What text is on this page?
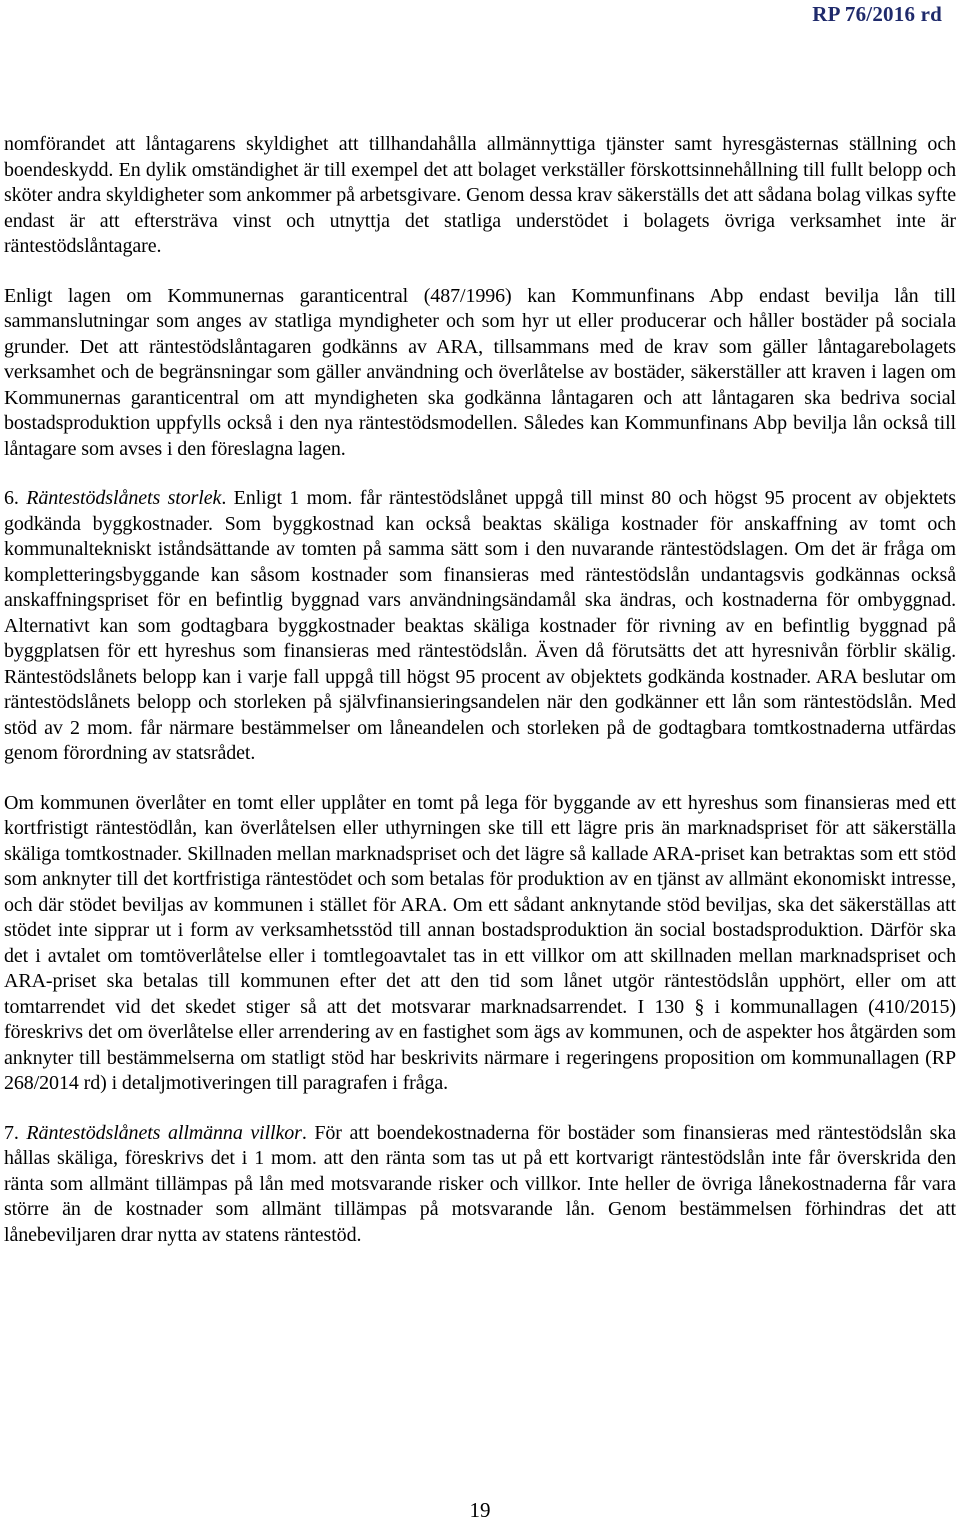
RP 76/2016 rd

nomförandet att låntagarens skyldighet att tillhandahålla allmännyttiga tjänster samt hyresgästernas ställning och boendeskydd. En dylik omständighet är till exempel det att bolaget verkställer förskottsinnehållning till fullt belopp och sköter andra skyldigheter som ankommer på arbetsgivare. Genom dessa krav säkerställs det att sådana bolag vilkas syfte endast är att eftersträva vinst och utnyttja det statliga understödet i bolagets övriga verksamhet inte är räntestödslåntagare.

Enligt lagen om Kommunernas garanticentral (487/1996) kan Kommunfinans Abp endast bevilja lån till sammanslutningar som anges av statliga myndigheter och som hyr ut eller producerar och håller bostäder på sociala grunder. Det att räntestödslåntagaren godkänns av ARA, tillsammans med de krav som gäller låntagarebolagets verksamhet och de begränsningar som gäller användning och överlåtelse av bostäder, säkerställer att kraven i lagen om Kommunernas garanticentral om att myndigheten ska godkänna låntagaren och att låntagaren ska bedriva social bostadsproduktion uppfylls också i den nya räntestödsmodellen. Således kan Kommunfinans Abp bevilja lån också till låntagare som avses i den föreslagna lagen.

6. Räntestödslånets storlek. Enligt 1 mom. får räntestödslånet uppgå till minst 80 och högst 95 procent av objektets godkända byggkostnader. Som byggkostnad kan också beaktas skäliga kostnader för anskaffning av tomt och kommunaltekniskt iståndsättande av tomten på samma sätt som i den nuvarande räntestödslagen. Om det är fråga om kompletteringsbyggande kan såsom kostnader som finansieras med räntestödslån undantagsvis godkännas också anskaffningspriset för en befintlig byggnad vars användningsändamål ska ändras, och kostnaderna för ombyggnad. Alternativt kan som godtagbara byggkostnader beaktas skäliga kostnader för rivning av en befintlig byggnad på byggplatsen för ett hyreshus som finansieras med räntestödslån. Även då förutsätts det att hyresnivån förblir skälig. Räntestödslånets belopp kan i varje fall uppgå till högst 95 procent av objektets godkända kostnader. ARA beslutar om räntestödslånets belopp och storleken på självfinansieringsandelen när den godkänner ett lån som räntestödslån. Med stöd av 2 mom. får närmare bestämmelser om låneandelen och storleken på de godtagbara tomtkostnaderna utfärdas genom förordning av statsrådet.

Om kommunen överlåter en tomt eller upplåter en tomt på lega för byggande av ett hyreshus som finansieras med ett kortfristigt räntestödlån, kan överlåtelsen eller uthyrningen ske till ett lägre pris än marknadspriset för att säkerställa skäliga tomtkostnader. Skillnaden mellan marknadspriset och det lägre så kallade ARA-priset kan betraktas som ett stöd som anknyter till det kortfristiga räntestödet och som betalas för produktion av en tjänst av allmänt ekonomiskt intresse, och där stödet beviljas av kommunen i stället för ARA. Om ett sådant anknytande stöd beviljas, ska det säkerställas att stödet inte sipprar ut i form av verksamhetsstöd till annan bostadsproduktion än social bostadsproduktion. Därför ska det i avtalet om tomtöverlåtelse eller i tomtlegoavtalet tas in ett villkor om att skillnaden mellan marknadspriset och ARA-priset ska betalas till kommunen efter det att den tid som lånet utgör räntestödslån upphört, eller om att tomtarrendet vid det skedet stiger så att det motsvarar marknadsarrendet. I 130 § i kommunallagen (410/2015) föreskrivs det om överlåtelse eller arrendering av en fastighet som ägs av kommunen, och de aspekter hos åtgärden som anknyter till bestämmelserna om statligt stöd har beskrivits närmare i regeringens proposition om kommunallagen (RP 268/2014 rd) i detaljmotiveringen till paragrafen i fråga.

7. Räntestödslånets allmänna villkor. För att boendekostnaderna för bostäder som finansieras med räntestödslån ska hållas skäliga, föreskrivs det i 1 mom. att den ränta som tas ut på ett kortvarigt räntestödslån inte får överskrida den ränta som allmänt tillämpas på lån med motsvarande risker och villkor. Inte heller de övriga lånekostnaderna får vara större än de kostnader som allmänt tillämpas på motsvarande lån. Genom bestämmelsen förhindras det att lånebeviljaren drar nytta av statens räntestöd.

19
